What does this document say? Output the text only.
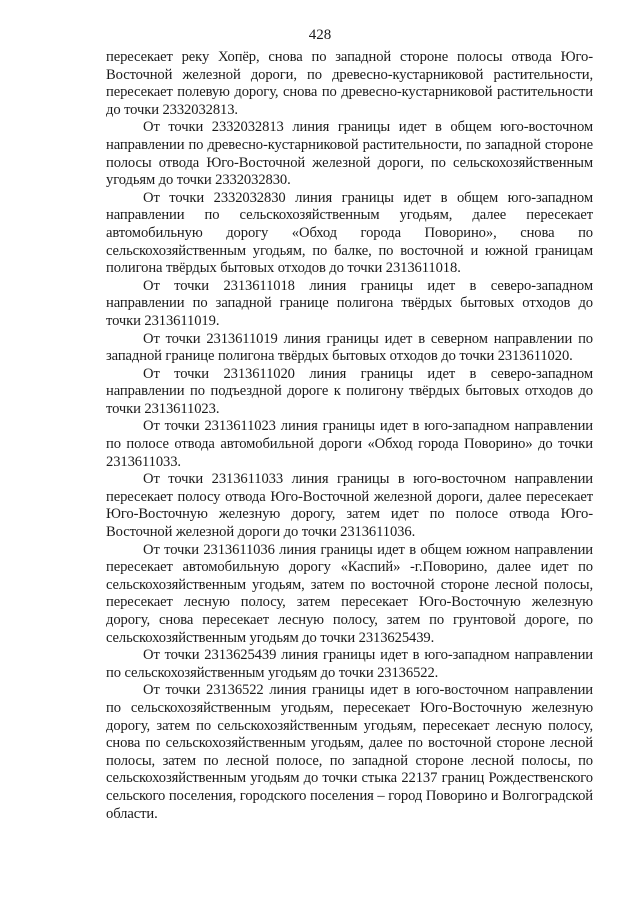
428

пересекает реку Хопёр, снова по западной стороне полосы отвода Юго-Восточной железной дороги, по древесно-кустарниковой растительности, пересекает полевую дорогу, снова по древесно-кустарниковой растительности до точки 2332032813.

От точки 2332032813 линия границы идет в общем юго-восточном направлении по древесно-кустарниковой растительности, по западной стороне полосы отвода Юго-Восточной железной дороги, по сельскохозяйственным угодьям до точки 2332032830.

От точки 2332032830 линия границы идет в общем юго-западном направлении по сельскохозяйственным угодьям, далее пересекает автомобильную дорогу «Обход города Поворино», снова по сельскохозяйственным угодьям, по балке, по восточной и южной границам полигона твёрдых бытовых отходов до точки 2313611018.

От точки 2313611018 линия границы идет в северо-западном направлении по западной границе полигона твёрдых бытовых отходов до точки 2313611019.

От точки 2313611019 линия границы идет в северном направлении по западной границе полигона твёрдых бытовых отходов до точки 2313611020.

От точки 2313611020 линия границы идет в северо-западном направлении по подъездной дороге к полигону твёрдых бытовых отходов до точки 2313611023.

От точки 2313611023 линия границы идет в юго-западном направлении по полосе отвода автомобильной дороги «Обход города Поворино» до точки 2313611033.

От точки 2313611033 линия границы в юго-восточном направлении пересекает полосу отвода Юго-Восточной железной дороги, далее пересекает Юго-Восточную железную дорогу, затем идет по полосе отвода Юго-Восточной железной дороги до точки 2313611036.

От точки 2313611036 линия границы идет в общем южном направлении пересекает автомобильную дорогу «Каспий» -г.Поворино, далее идет по сельскохозяйственным угодьям, затем по восточной стороне лесной полосы, пересекает лесную полосу, затем пересекает Юго-Восточную железную дорогу, снова пересекает лесную полосу, затем по грунтовой дороге, по сельскохозяйственным угодьям до точки 2313625439.

От точки 2313625439 линия границы идет в юго-западном направлении по сельскохозяйственным угодьям до точки 23136522.

От точки 23136522 линия границы идет в юго-восточном направлении по сельскохозяйственным угодьям, пересекает Юго-Восточную железную дорогу, затем по сельскохозяйственным угодьям, пересекает лесную полосу, снова по сельскохозяйственным угодьям, далее по восточной стороне лесной полосы, затем по лесной полосе, по западной стороне лесной полосы, по сельскохозяйственным угодьям до точки стыка 22137 границ Рождественского сельского поселения, городского поселения – город Поворино и Волгоградской области.
